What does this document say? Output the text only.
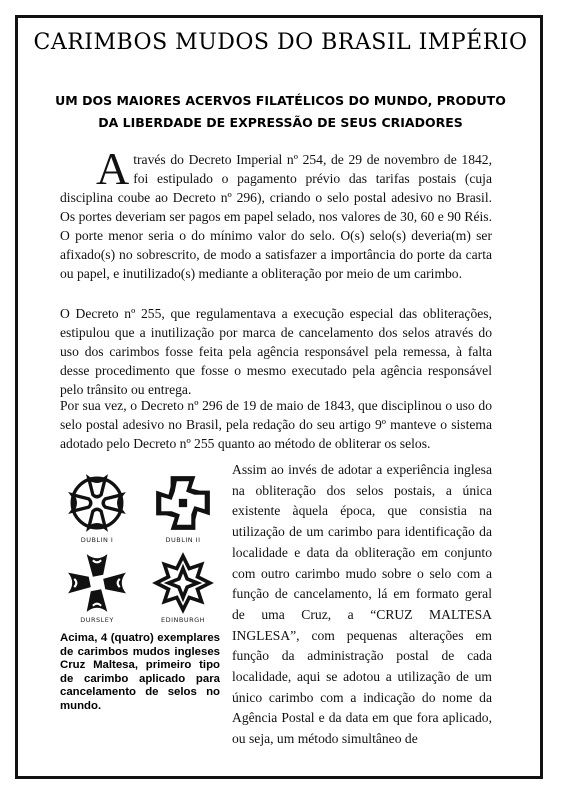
CARIMBOS MUDOS DO BRASIL IMPÉRIO
UM DOS MAIORES ACERVOS FILATÉLICOS DO MUNDO, PRODUTO DA LIBERDADE DE EXPRESSÃO DE SEUS CRIADORES

Através do Decreto Imperial nº 254, de 29 de novembro de 1842, foi estipulado o pagamento prévio das tarifas postais (cuja disciplina coube ao Decreto nº 296), criando o selo postal adesivo no Brasil. Os portes deveriam ser pagos em papel selado, nos valores de 30, 60 e 90 Réis. O porte menor seria o do mínimo valor do selo. O(s) selo(s) deveria(m) ser afixado(s) no sobrescrito, de modo a satisfazer a importância do porte da carta ou papel, e inutilizado(s) mediante a obliteração por meio de um carimbo.

O Decreto nº 255, que regulamentava a execução especial das obliterações, estipulou que a inutilização por marca de cancelamento dos selos através do uso dos carimbos fosse feita pela agência responsável pela remessa, à falta desse procedimento que fosse o mesmo executado pela agência responsável pelo trânsito ou entrega.

Por sua vez, o Decreto nº 296 de 19 de maio de 1843, que disciplinou o uso do selo postal adesivo no Brasil, pela redação do seu artigo 9º manteve o sistema adotado pelo Decreto nº 255 quanto ao método de obliterar os selos.

DUBLIN I	DUBLIN II
DURSLEY	EDINBURGH

Acima, 4 (quatro) exemplares de carimbos mudos ingleses Cruz Maltesa, primeiro tipo de carimbo aplicado para cancelamento de selos no mundo.

Assim ao invés de adotar a experiência inglesa na obliteração dos selos postais, a única existente àquela época, que consistia na utilização de um carimbo para identificação da localidade e data da obliteração em conjunto com outro carimbo mudo sobre o selo com a função de cancelamento, lá em formato geral de uma Cruz, a “CRUZ MALTESA INGLESA”, com pequenas alterações em função da administração postal de cada localidade, aqui se adotou a utilização de um único carimbo com a indicação do nome da Agência Postal e da data em que fora aplicado, ou seja, um método simultâneo de
